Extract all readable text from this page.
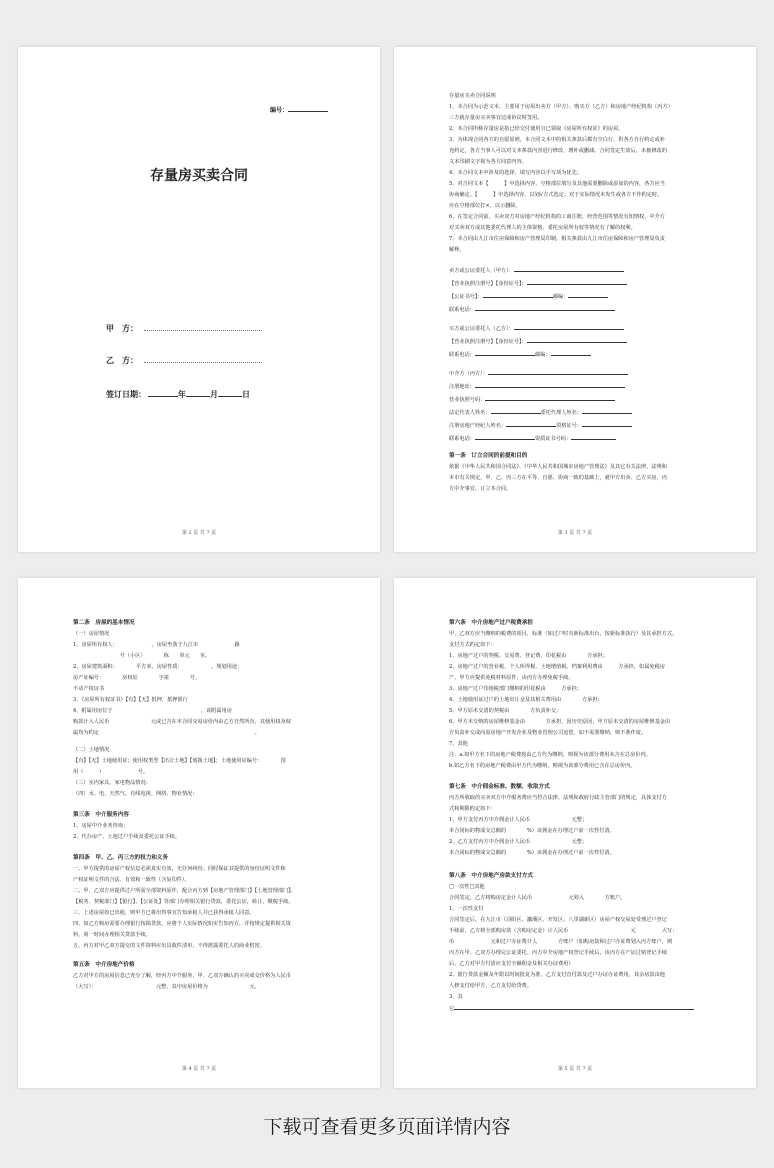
编号：
存量房买卖合同
甲　方：
乙　方：
签订日期：	年	月	日
第 2 页 共 7 页
存量房买卖合同说明
1、本合同为示范文本，主要用于房屋出卖方（甲方）、购买方（乙方）和房地产经纪机构（丙方）
三方就存量房买卖事宜达成协议时签用。
2、本合同所称存量房是指已经交付使用且已领取《房屋所有权证》的房屋。
3、为体现合同各方的自愿原则，本合同文本中的相关条款后都有空白行，供各方自行约定或补
充约定，各方当事人可以对文本条款内容进行修改、增补或删减。合同签定生效后，未被修改的
文本印刷文字视为各方同意内容。
4、本合同文本中涉及的选择、填写内容以手写项为优先。
5、对合同文本【　　　】中选择内容，空格部位填写及其他需要删除或添加的内容，各方应当
协商确定。【　　　】中选择内容，以划√方式选定；对于实际情况未发生或各方不作约定时，
应在空格部位打×，以示删除。
6、在签定合同前，买卖双方对房地产经纪机构的工商注册，经营范围等情况有知情权，中介方
对买卖双方或其他委托代理人的主体资格、委托房屋所有权等情况有了解的权利。
7、本合同由九江市住房保障和房产管理局印制，相关条款由九江市住房保障和房产管理局负责
解释。
卖方或公证委托人（甲方）：
【营业执照注册号】【身份证号】：
【公证书号】：	邮编：
联系电话：
买方或公证委托人（乙方）：
【营业执照注册号】【身份证号】：
联系电话：	邮编：
中介方（丙方）：
注册地址：
营业执照号码：
法定代表人姓名：	委托代理人姓名：
注册房地产经纪人姓名：	资格证号：
联系电话：	资质证书号码：
第一条　订立合同的前提和目的
依据《中华人民共和国合同法》、《中华人民共和国城市房地产管理法》及其它有关法律、法规和
本市有关规定，甲、乙、丙三方在平等、自愿、协商一致的基础上，就甲方出卖、乙方买房，丙
方中介事宜，订立本合同。
第 3 页 共 7 页
第二条　房屋的基本情况
（一）房屋情况
1、房屋所有权人：　　　　　　　，房屋坐落于九江市　　　　　　　路
　　　　　　　　　号（小区）　　　　栋　　单元　　室。
2、房屋建筑面积：　　　　平方米，房屋性质：　　　　　　，规划用途：
房产证编号：　　　　房权证　　　　字第　　　　号。
不动产权证书　　　　　　　　　　　　　　　　　
3、《房屋所有权证书》【有】【无】抵押，抵押银行　　　　　　　　
4、附属用房位于　　　　　　　　　　　　　　　　　，该附属用房
购款计入人民币　　　　　　　　元或已含在本合同交易房价内由乙方自然所有，其使用权及权
属均为约定　　　　　　　　　　　　　　　　　　　　　　　　　　　　　　。
（二）土地情况
【有】【无】土地使用证；使用权类型【出让土地】【划拨土地】；土地使用证编号：　　　　国
用（　　　）　　　　　　　号。
（三）室内家具、家电物品情况：
（四）水、电、天然气、有线电视、网络、物业情况：
第三条　中介服务内容
1、房屋中介业务咨询；
2、代办房产、土地过户手续及委托公证手续。
第四条　甲、乙、丙三方的权力和义务
一、甲方提供的房屋产权信息必须真实有效，无任何纠纷。同时保证其提供的身份证明文件和
产权证明文件的合法、有效和一致性（含复印件）。
二、甲、乙双方应提供过户所需全部资料原件，配合丙方到【房地产管理部门】【土地管理部门】、
【税务、契税部门】【银行】、【公证处】等部门办理相关银行贷款，委托公证，转让，缴税手续。
三、上述房屋如已出租，则甲方已将出售事宜告知承租人并已获得承租人同意。
四、如乙方购房需要办理银行按揭贷款，应将个人实际情况如实告知丙方，并按规定提供相关资
料。第一时间办理相关贷款手续。
五、丙方对甲乙双方提交的文件资料应出具收件清单，不得泄露委托人的商业机密。
第五条　中介房地产价格
乙方对甲方的房屋信息已充分了解，经丙方中介服务，甲、乙双方确认的买卖成交价格为人民币
（大写）：　　　　　　　　　　　　元整，其中房屋价格为　　　　　　　　元。
第 4 页 共 7 页
第六条　中介房地产过户税费承担
甲、乙双方应当缴纳的税费的项目，标准（如过户时有新标准出台，按新标准执行）及其承担方式，
支付方式约定如下：
1、房地产过户的契税、交易费、登记费、印花税由　　　　方承担；
2、房地产过户的营业税、个人所得税、土地增值税、档案利用费由　　　方承担，如属免税房
产，甲方应提供免税材料原件，由丙方办理免税手续。
3、房地产过户印地税部门缴纳的印花税由　　　方承担；
4、土地使用证过户的土地出让金及其相关费用由　　　　方承担；
5、甲方原未交清的契税由　　　　方负责补交；
6、甲方未交纳的房屋维修基金由　　　　方承担，因历史原因，甲方原未交清的房屋维修基金由
方负责补交或向原房地产开发企业及物业管理公司追偿，如不需要缴纳，则不条作废。
7、其他　　　　　　　　　　　　　　　　
注：a.如甲方名下的房地产税费按由乙方代为缴纳，则视为该部分费用未含在总房价内。
b.如乙方名下的房地产税费由甲方代为缴纳，则视为该部分费用已含在总房价内。
第七条　中介佣金标准、数额、收取方式
丙方所收取的买卖双方中介服务费应当符合法律、法规和政府行政主管部门的规定，具体支付方
式和期限约定如下：
1、甲方支付丙方中介佣金计人民币　　　　　　　　元整；
本合同标的物成交总额的　　　　%）该佣金在办理过户前一次性付清。
2、乙方支付丙方中介佣金计人民币　　　　　　　　元整；
本合同标的物成交总额的　　　　%）该佣金在办理过户前一次性付清。
第八条　中介房地产房款支付方式
□一次性□其他
合同签定，乙方将购房定金计人民币　　　　　　　元划入　　　　方账户。
1、一次性支付
合同签定后，在九江市（浔阳区、濂溪区、开发区、八里湖新区）房屋产权交易处受理过户登记
手续前，乙方将全部购房款（含购房定金）计人民币　　　　　　　　　　　　元　　　　　大写：
币　　　　　　　元和过户办证费计人　　　　方账户（如购房款和过户办证费划入丙方账户，则
丙方在甲、乙双方办理完公证委托、丙方中介房地产权登记手续后，该丙方在产证过销登记手续
后，乙方对甲方付清应支付全额佣金及相关办证费用）
2、银行贷款金额及年限以时间批复为准，乙方支付首付款及过户办证办证费用，其余房款由他
人修支付给甲方，乙方支付给贷费。
3、其
它
第 5 页 共 7 页
下载可查看更多页面详情内容
